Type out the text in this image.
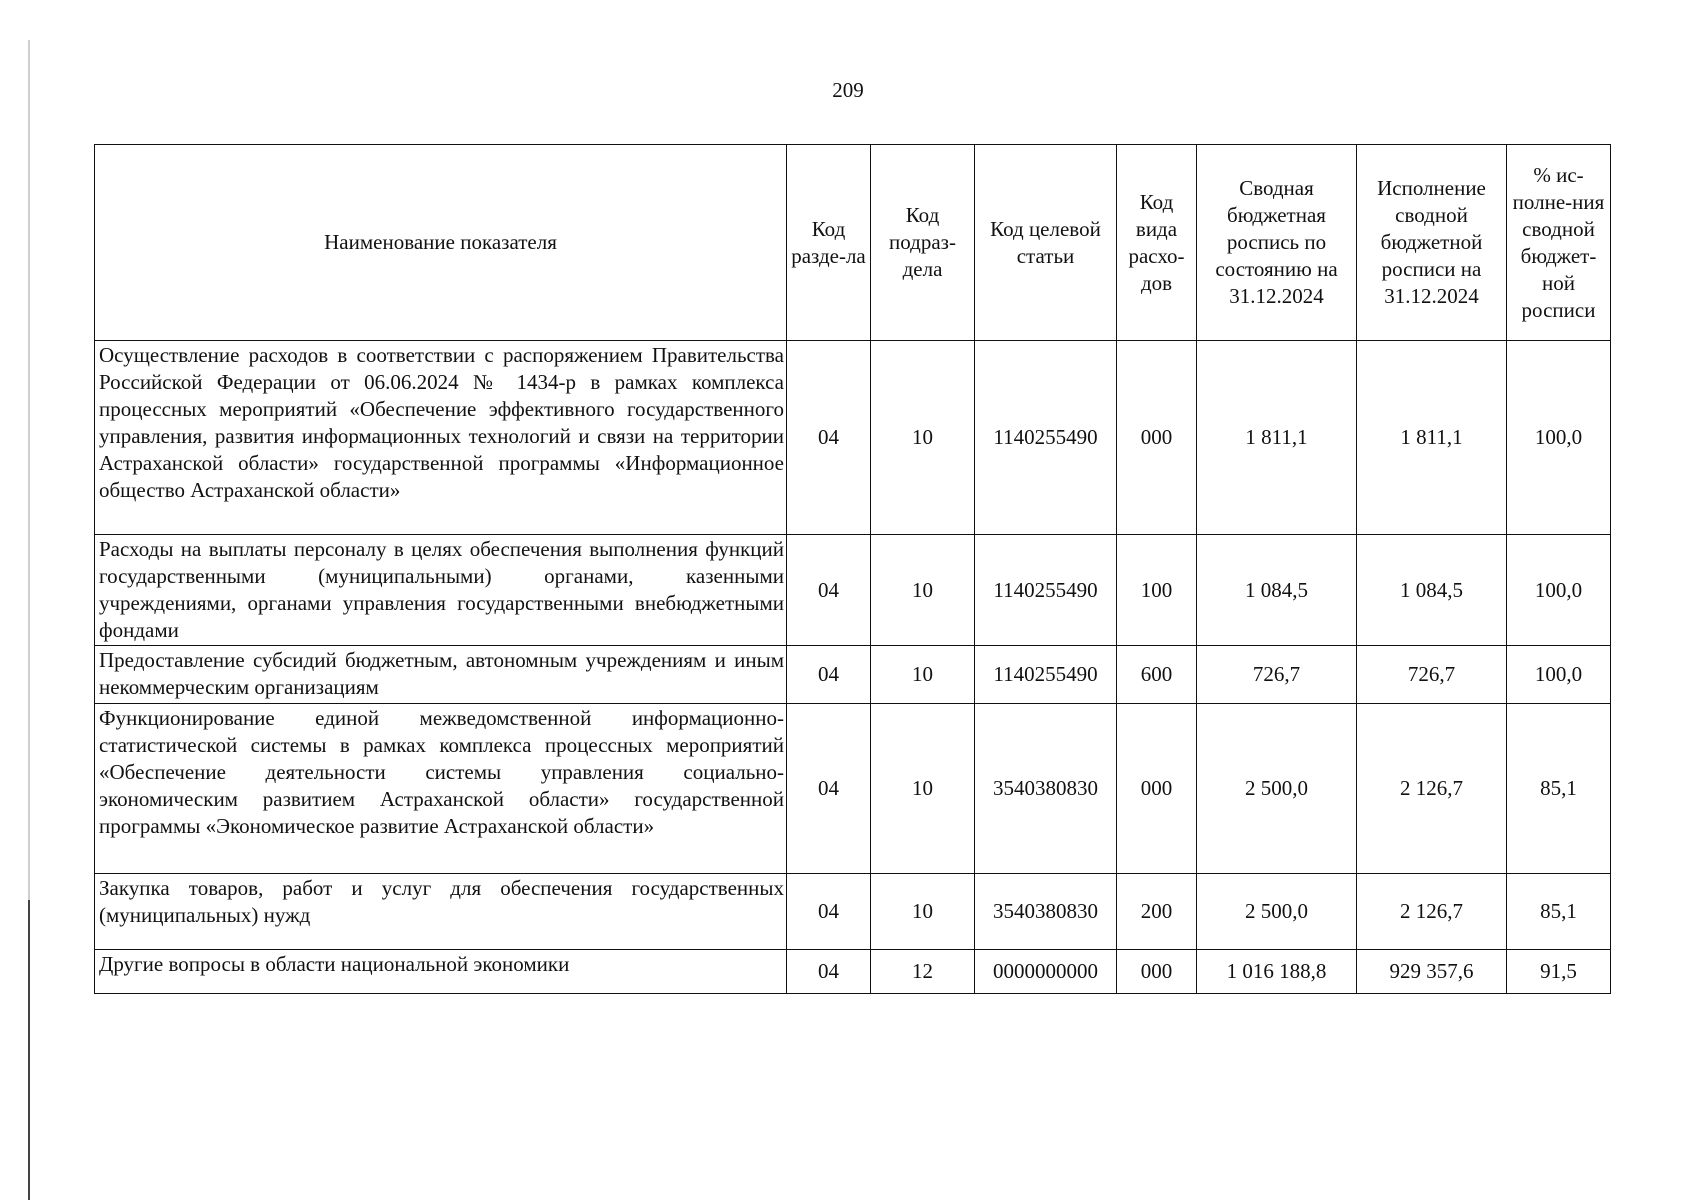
209
Наименование показателя	Код разде-ла	Код подраз-дела	Код целевой статьи	Код вида расхо-дов	Сводная бюджетная роспись по состоянию на 31.12.2024	Исполнение сводной бюджетной росписи на 31.12.2024	% ис-полне-ния сводной бюджет-ной росписи
Осуществление расходов в соответствии с распоряжением Правительства Российской Федерации от 06.06.2024 № 1434-р в рамках комплекса процессных мероприятий «Обеспечение эффективного государственного управления, развития информационных технологий и связи на территории Астраханской области» государственной программы «Информационное общество Астраханской области»	04	10	1140255490	000	1 811,1	1 811,1	100,0
Расходы на выплаты персоналу в целях обеспечения выполнения функций государственными (муниципальными) органами, казенными учреждениями, органами управления государственными внебюджетными фондами	04	10	1140255490	100	1 084,5	1 084,5	100,0
Предоставление субсидий бюджетным, автономным учреждениям и иным некоммерческим организациям	04	10	1140255490	600	726,7	726,7	100,0
Функционирование единой межведомственной информационно-статистической системы в рамках комплекса процессных мероприятий «Обеспечение деятельности системы управления социально-экономическим развитием Астраханской области» государственной программы «Экономическое развитие Астраханской области»	04	10	3540380830	000	2 500,0	2 126,7	85,1
Закупка товаров, работ и услуг для обеспечения государственных (муниципальных) нужд	04	10	3540380830	200	2 500,0	2 126,7	85,1
Другие вопросы в области национальной экономики	04	12	0000000000	000	1 016 188,8	929 357,6	91,5
